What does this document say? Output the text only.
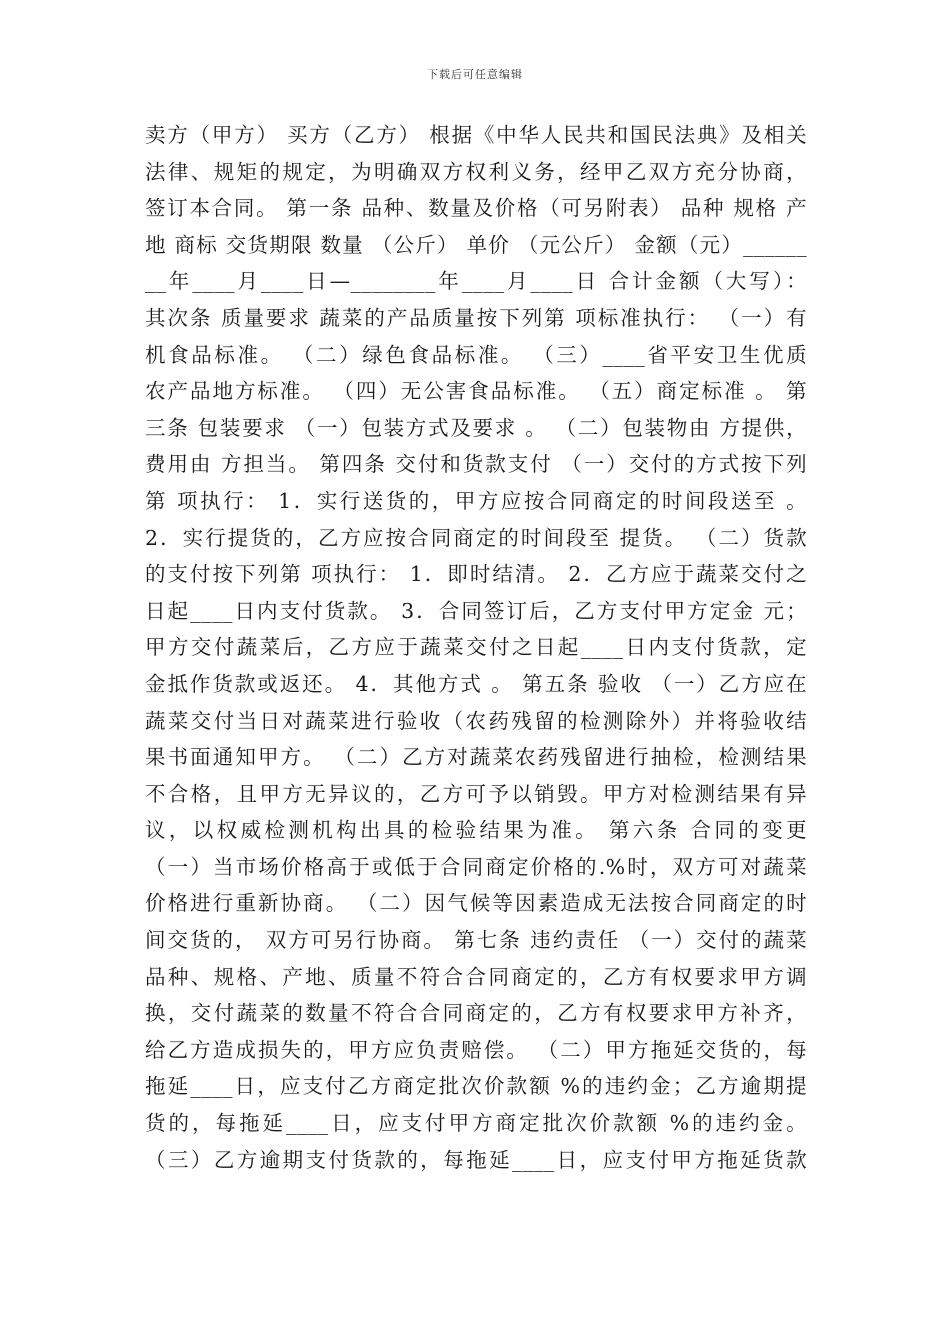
下载后可任意编辑
卖方（甲方） 买方（乙方） 根据《中华人民共和国民法典》及相关
法律、规矩的规定，为明确双方权利义务，经甲乙双方充分协商，
签订本合同。 第一条 品种、数量及价格（可另附表） 品种 规格 产
地 商标 交货期限 数量 （公斤） 单价 （元公斤） 金额（元）______
__年____月____日—________年____月____日 合计金额（大写）：
其次条 质量要求 蔬菜的产品质量按下列第 项标准执行： （一）有
机食品标准。 （二）绿色食品标准。 （三）____省平安卫生优质
农产品地方标准。 （四）无公害食品标准。 （五）商定标准 。 第
三条 包装要求 （一）包装方式及要求 。 （二）包装物由 方提供，
费用由 方担当。 第四条 交付和货款支付 （一）交付的方式按下列
第 项执行： 1．实行送货的，甲方应按合同商定的时间段送至 。
2．实行提货的，乙方应按合同商定的时间段至 提货。 （二）货款
的支付按下列第 项执行： 1．即时结清。 2．乙方应于蔬菜交付之
日起____日内支付货款。 3．合同签订后，乙方支付甲方定金 元；
甲方交付蔬菜后，乙方应于蔬菜交付之日起____日内支付货款，定
金抵作货款或返还。 4．其他方式 。 第五条 验收 （一）乙方应在
蔬菜交付当日对蔬菜进行验收（农药残留的检测除外）并将验收结
果书面通知甲方。 （二）乙方对蔬菜农药残留进行抽检，检测结果
不合格，且甲方无异议的，乙方可予以销毁。甲方对检测结果有异
议，以权威检测机构出具的检验结果为准。 第六条 合同的变更
（一）当市场价格高于或低于合同商定价格的.%时，双方可对蔬菜
价格进行重新协商。 （二）因气候等因素造成无法按合同商定的时
间交货的， 双方可另行协商。 第七条 违约责任 （一）交付的蔬菜
品种、规格、产地、质量不符合合同商定的，乙方有权要求甲方调
换，交付蔬菜的数量不符合合同商定的，乙方有权要求甲方补齐，
给乙方造成损失的，甲方应负责赔偿。 （二）甲方拖延交货的，每
拖延____日，应支付乙方商定批次价款额 %的违约金；乙方逾期提
货的，每拖延____日，应支付甲方商定批次价款额 %的违约金。
（三）乙方逾期支付货款的，每拖延____日，应支付甲方拖延货款
